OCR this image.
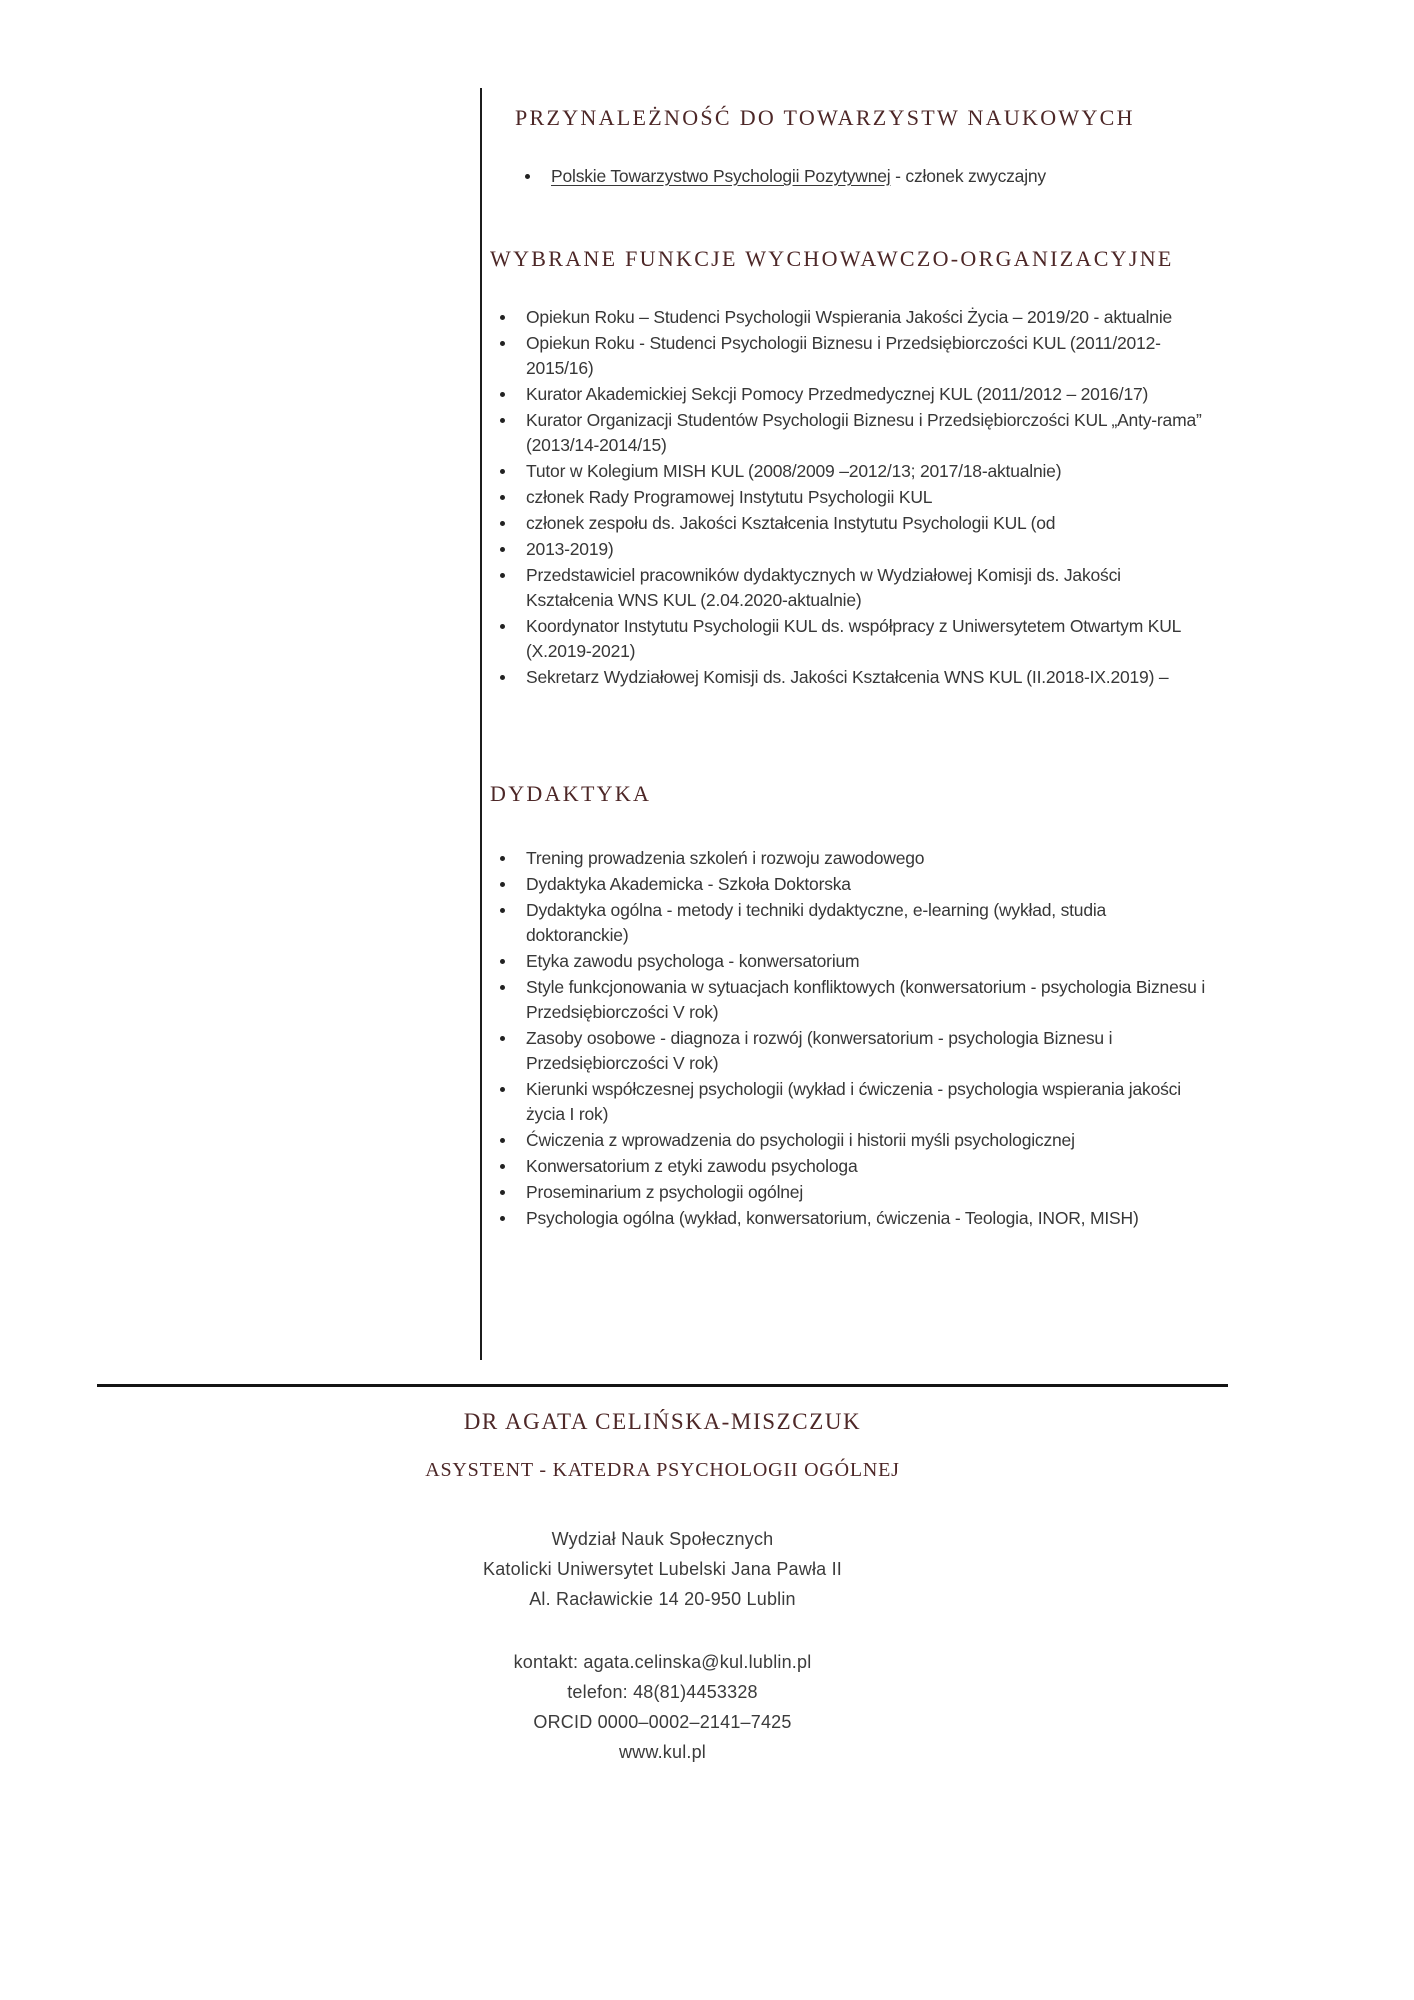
PRZYNALEŻNOŚĆ DO TOWARZYSTW NAUKOWYCH
Polskie Towarzystwo Psychologii Pozytywnej - członek zwyczajny
WYBRANE FUNKCJE WYCHOWAWCZO-ORGANIZACYJNE
Opiekun Roku – Studenci Psychologii Wspierania Jakości Życia – 2019/20 - aktualnie
Opiekun Roku - Studenci Psychologii Biznesu i Przedsiębiorczości KUL (2011/2012-2015/16)
Kurator Akademickiej Sekcji Pomocy Przedmedycznej KUL (2011/2012 – 2016/17)
Kurator Organizacji Studentów Psychologii Biznesu i Przedsiębiorczości KUL „Anty-rama” (2013/14-2014/15)
Tutor w Kolegium MISH KUL (2008/2009 –2012/13; 2017/18-aktualnie)
członek Rady Programowej Instytutu Psychologii KUL
członek zespołu ds. Jakości Kształcenia Instytutu Psychologii KUL (od
2013-2019)
Przedstawiciel pracowników dydaktycznych w Wydziałowej Komisji ds. Jakości Kształcenia WNS KUL (2.04.2020-aktualnie)
Koordynator Instytutu Psychologii KUL ds. współpracy z Uniwersytetem Otwartym KUL (X.2019-2021)
Sekretarz Wydziałowej Komisji ds. Jakości Kształcenia WNS KUL (II.2018-IX.2019) –
DYDAKTYKA
Trening prowadzenia szkoleń i rozwoju zawodowego
Dydaktyka Akademicka - Szkoła Doktorska
Dydaktyka ogólna - metody i techniki dydaktyczne, e-learning (wykład, studia doktoranckie)
Etyka zawodu psychologa - konwersatorium
Style funkcjonowania w sytuacjach konfliktowych (konwersatorium - psychologia Biznesu i Przedsiębiorczości V rok)
Zasoby osobowe - diagnoza i rozwój (konwersatorium - psychologia Biznesu i Przedsiębiorczości V rok)
Kierunki współczesnej psychologii (wykład i ćwiczenia - psychologia wspierania jakości życia I rok)
Ćwiczenia z wprowadzenia do psychologii i historii myśli psychologicznej
Konwersatorium z etyki zawodu psychologa
Proseminarium z psychologii ogólnej
Psychologia ogólna (wykład, konwersatorium, ćwiczenia - Teologia, INOR, MISH)
DR AGATA CELIŃSKA-MISZCZUK
ASYSTENT - KATEDRA PSYCHOLOGII OGÓLNEJ
Wydział Nauk Społecznych
Katolicki Uniwersytet Lubelski Jana Pawła II
Al. Racławickie 14 20-950 Lublin
kontakt: agata.celinska@kul.lublin.pl
telefon: 48(81)4453328
ORCID 0000–0002–2141–7425
www.kul.pl
